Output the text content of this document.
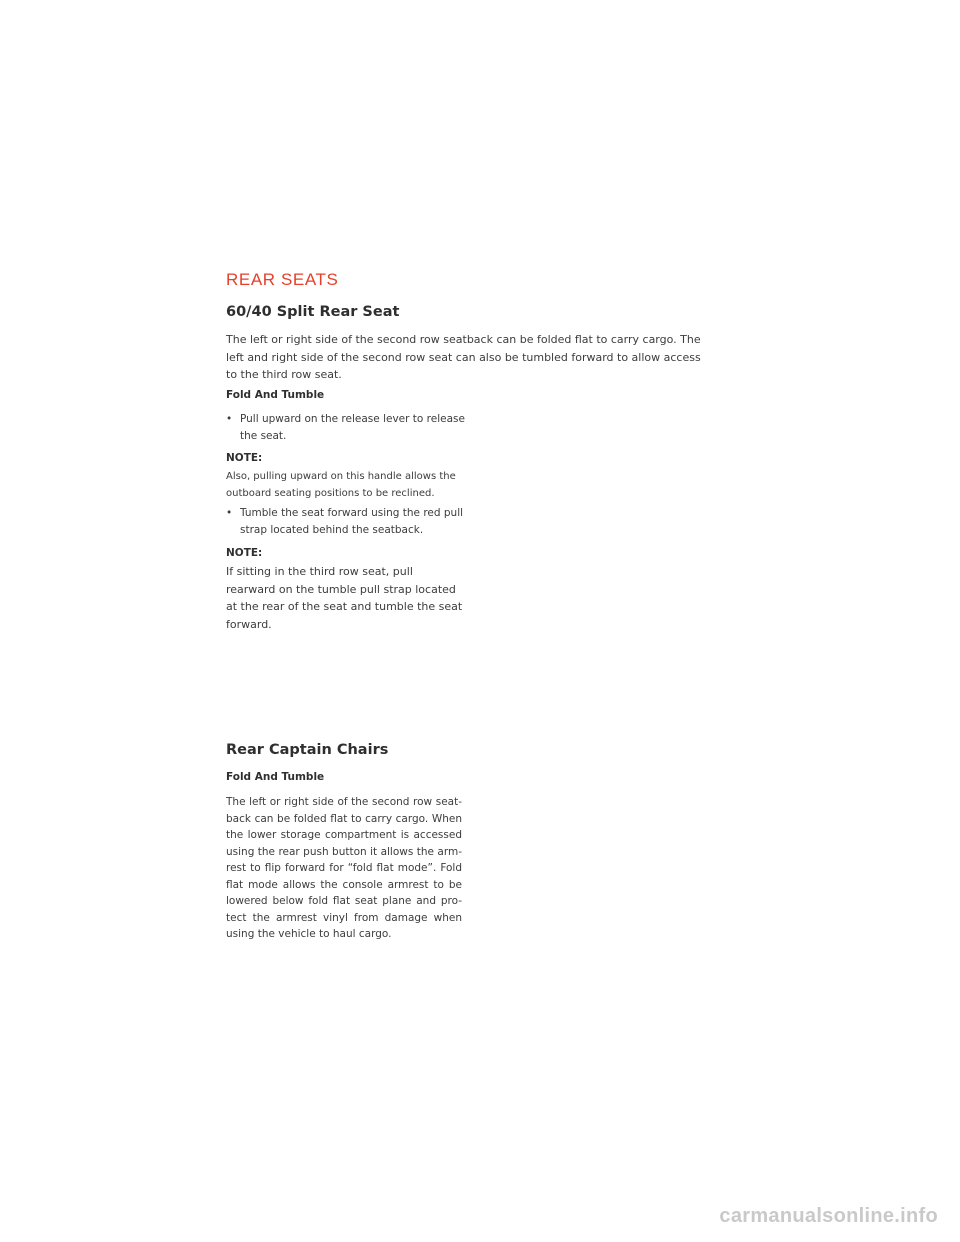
REAR SEATS
60/40 Split Rear Seat

The left or right side of the second row seatback can be folded flat to carry cargo. The left and right side of the second row seat can also be tumbled forward to allow access to the third row seat.

Fold And Tumble

• Pull upward on the release lever to release the seat.

NOTE:

Also, pulling upward on this handle allows the outboard seating positions to be reclined.

• Tumble the seat forward using the red pull strap located behind the seatback.

NOTE:

If sitting in the third row seat, pull rearward on the tumble pull strap located at the rear of the seat and tumble the seat forward.

Rear Captain Chairs

Fold And Tumble

The left or right side of the second row seat-back can be folded flat to carry cargo. When the lower storage compartment is accessed using the rear push button it allows the arm-rest to flip forward for “fold flat mode”. Fold flat mode allows the console armrest to be lowered below fold flat seat plane and pro-tect the armrest vinyl from damage when using the vehicle to haul cargo.

carmanualsonline.info
